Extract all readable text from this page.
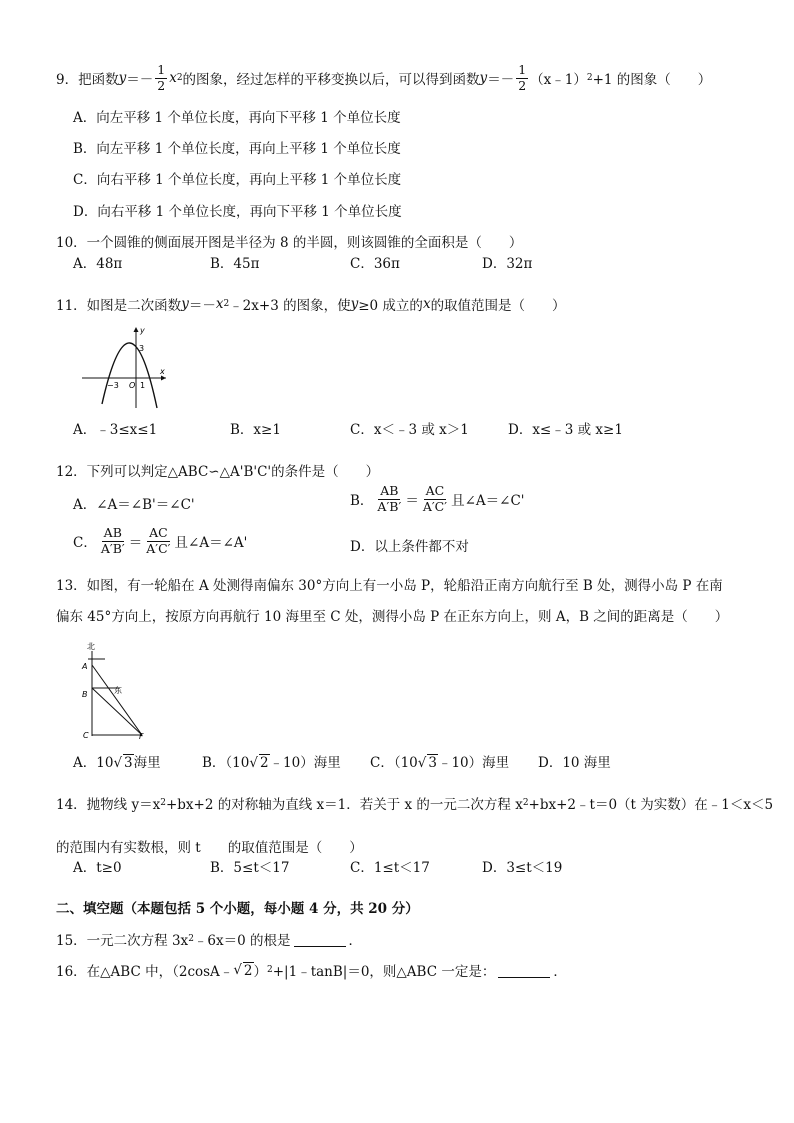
9． 把函数 $y =- \frac{1}{2}$ x 2 的图象，经过怎样的平移变换以后，可以得到函数 $y =- \frac{1}{2}$ （x﹣1） 2 +1 的图象（　　）
A．向左平移 1 个单位长度，再向下平移 1 个单位长度
B．向左平移 1 个单位长度，再向上平移 1 个单位长度
C．向右平移 1 个单位长度，再向上平移 1 个单位长度
D．向右平移 1 个单位长度，再向下平移 1 个单位长度
10．一个圆锥的侧面展开图是半径为 8 的半圆，则该圆锥的全面积是（　　）
A．48π	B．45π	C．36π	D．32π
11．如图是二次函数 y ＝－ x 2 ﹣2x+3 的图象，使 y ≥0 成立的 x 的取值范围是（　　）
y
3
−3 O 1
x
A．﹣3≤x≤1	B．x≥1	C．x＜﹣3 或 x＞1	D．x≤﹣3 或 x≥1
12．下列可以判定△ABC∽△A'B'C'的条件是（　　）
A．∠A＝∠B'＝∠C'	B． $\frac{AB}{A'B'} = \frac{AC}{A'C'}$ 且∠A＝∠C'
C． $\frac{AB}{A'B'} = \frac{AC}{A'C'}$ 且∠A＝∠A'	D．以上条件都不对
13．如图，有一轮船在 A 处测得南偏东 30°方向上有一小岛 P，轮船沿正南方向航行至 B 处，测得小岛 P 在南
偏东 45°方向上，按原方向再航行 10 海里至 C 处，测得小岛 P 在正东方向上，则 A，B 之间的距离是（　　）
北
A
B	东
C	F
A．10√ 3海里	B．（10√ 2﹣10）海里 C．（10√ 3﹣10）海里 D．10 海里
14．抛物线 y＝x 2 +bx+2 的对称轴为直线 x＝1．若关于 x 的一元二次方程 x 2 +bx+2﹣t＝0（t 为实数）在﹣1＜x＜5
的范围内有实数根，则 t　　的取值范围是（　　）
A．t≥0	B．5≤t＜17	C．1≤t＜17	D．3≤t＜19
二、填空题（本题包括 5 个小题，每小题 4 分，共 20 分）
15．一元二次方程 3x 2 ﹣6x＝0 的根是	．
16．在△ABC 中，（2cosA﹣ √ 2 ） 2 +|1﹣tanB|＝0，则△ABC 一定是：	．
